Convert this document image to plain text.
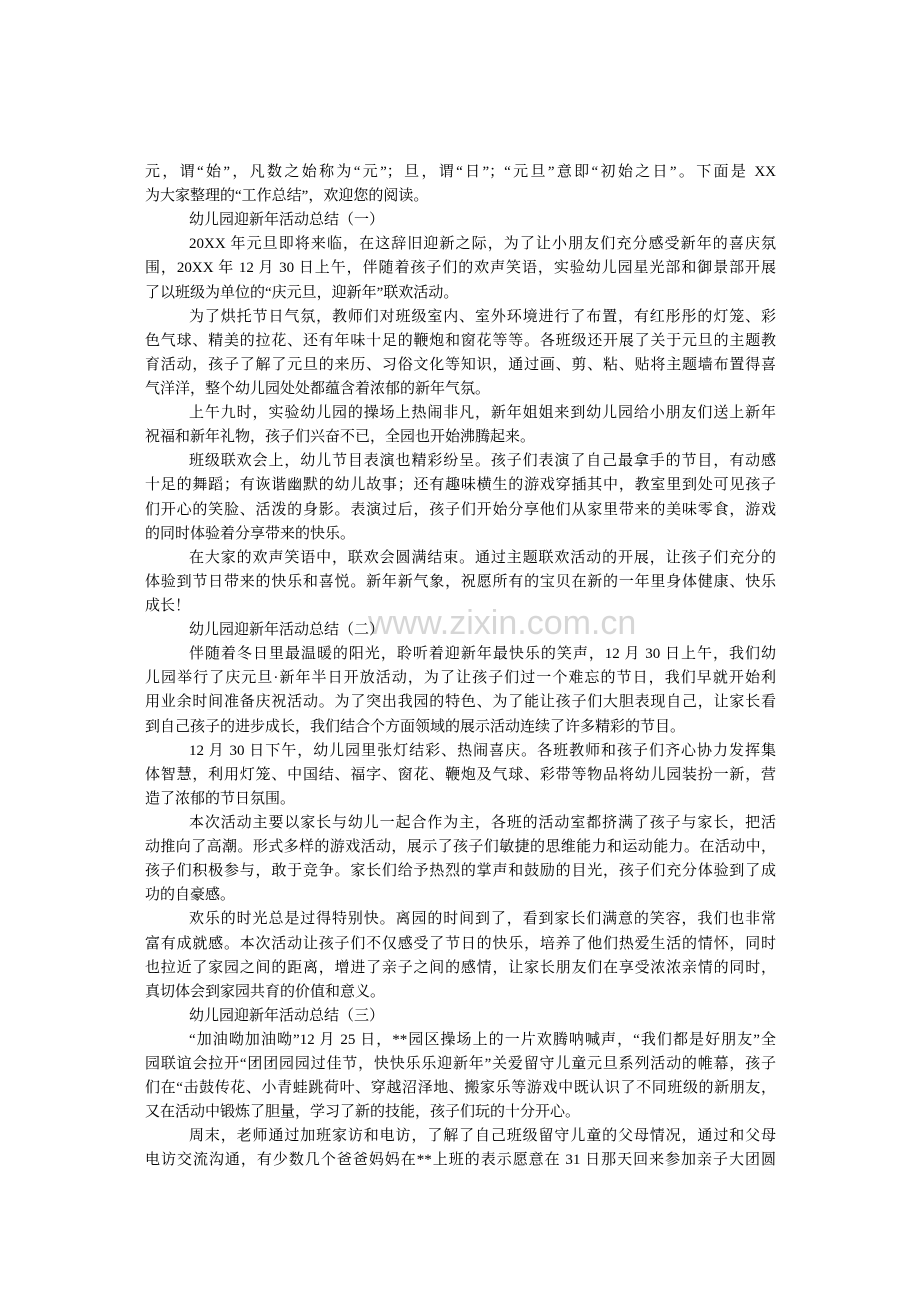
www.zixin.com.cn
元，谓“始”，凡数之始称为“元”；旦，谓“日”；“元旦”意即“初始之日”。下面是 XX
为大家整理的“工作总结”，欢迎您的阅读。
幼儿园迎新年活动总结（一）
20XX 年元旦即将来临，在这辞旧迎新之际，为了让小朋友们充分感受新年的喜庆氛
围，20XX 年 12 月 30 日上午，伴随着孩子们的欢声笑语，实验幼儿园星光部和御景部开展
了以班级为单位的“庆元旦，迎新年”联欢活动。
为了烘托节日气氛，教师们对班级室内、室外环境进行了布置，有红彤彤的灯笼、彩
色气球、精美的拉花、还有年味十足的鞭炮和窗花等等。各班级还开展了关于元旦的主题教
育活动，孩子了解了元旦的来历、习俗文化等知识，通过画、剪、粘、贴将主题墙布置得喜
气洋洋，整个幼儿园处处都蕴含着浓郁的新年气氛。
上午九时，实验幼儿园的操场上热闹非凡，新年姐姐来到幼儿园给小朋友们送上新年
祝福和新年礼物，孩子们兴奋不已，全园也开始沸腾起来。
班级联欢会上，幼儿节目表演也精彩纷呈。孩子们表演了自己最拿手的节目，有动感
十足的舞蹈；有诙谐幽默的幼儿故事；还有趣味横生的游戏穿插其中，教室里到处可见孩子
们开心的笑脸、活泼的身影。表演过后，孩子们开始分享他们从家里带来的美味零食，游戏
的同时体验着分享带来的快乐。
在大家的欢声笑语中，联欢会圆满结束。通过主题联欢活动的开展，让孩子们充分的
体验到节日带来的快乐和喜悦。新年新气象，祝愿所有的宝贝在新的一年里身体健康、快乐
成长！
幼儿园迎新年活动总结（二）
伴随着冬日里最温暖的阳光，聆听着迎新年最快乐的笑声，12 月 30 日上午，我们幼
儿园举行了庆元旦·新年半日开放活动，为了让孩子们过一个难忘的节日，我们早就开始利
用业余时间准备庆祝活动。为了突出我园的特色、为了能让孩子们大胆表现自己，让家长看
到自己孩子的进步成长，我们结合个方面领域的展示活动连续了许多精彩的节目。
12 月 30 日下午，幼儿园里张灯结彩、热闹喜庆。各班教师和孩子们齐心协力发挥集
体智慧，利用灯笼、中国结、福字、窗花、鞭炮及气球、彩带等物品将幼儿园装扮一新，营
造了浓郁的节日氛围。
本次活动主要以家长与幼儿一起合作为主，各班的活动室都挤满了孩子与家长，把活
动推向了高潮。形式多样的游戏活动，展示了孩子们敏捷的思维能力和运动能力。在活动中，
孩子们积极参与，敢于竞争。家长们给予热烈的掌声和鼓励的目光，孩子们充分体验到了成
功的自豪感。
欢乐的时光总是过得特别快。离园的时间到了，看到家长们满意的笑容，我们也非常
富有成就感。本次活动让孩子们不仅感受了节日的快乐，培养了他们热爱生活的情怀，同时
也拉近了家园之间的距离，增进了亲子之间的感情，让家长朋友们在享受浓浓亲情的同时，
真切体会到家园共育的价值和意义。
幼儿园迎新年活动总结（三）
“加油呦加油呦”12 月 25 日，**园区操场上的一片欢腾呐喊声，“我们都是好朋友”全
园联谊会拉开“团团园园过佳节，快快乐乐迎新年”关爱留守儿童元旦系列活动的帷幕，孩子
们在“击鼓传花、小青蛙跳荷叶、穿越沼泽地、搬家乐等游戏中既认识了不同班级的新朋友，
又在活动中锻炼了胆量，学习了新的技能，孩子们玩的十分开心。
周末，老师通过加班家访和电访，了解了自己班级留守儿童的父母情况，通过和父母
电访交流沟通，有少数几个爸爸妈妈在**上班的表示愿意在 31 日那天回来参加亲子大团圆
